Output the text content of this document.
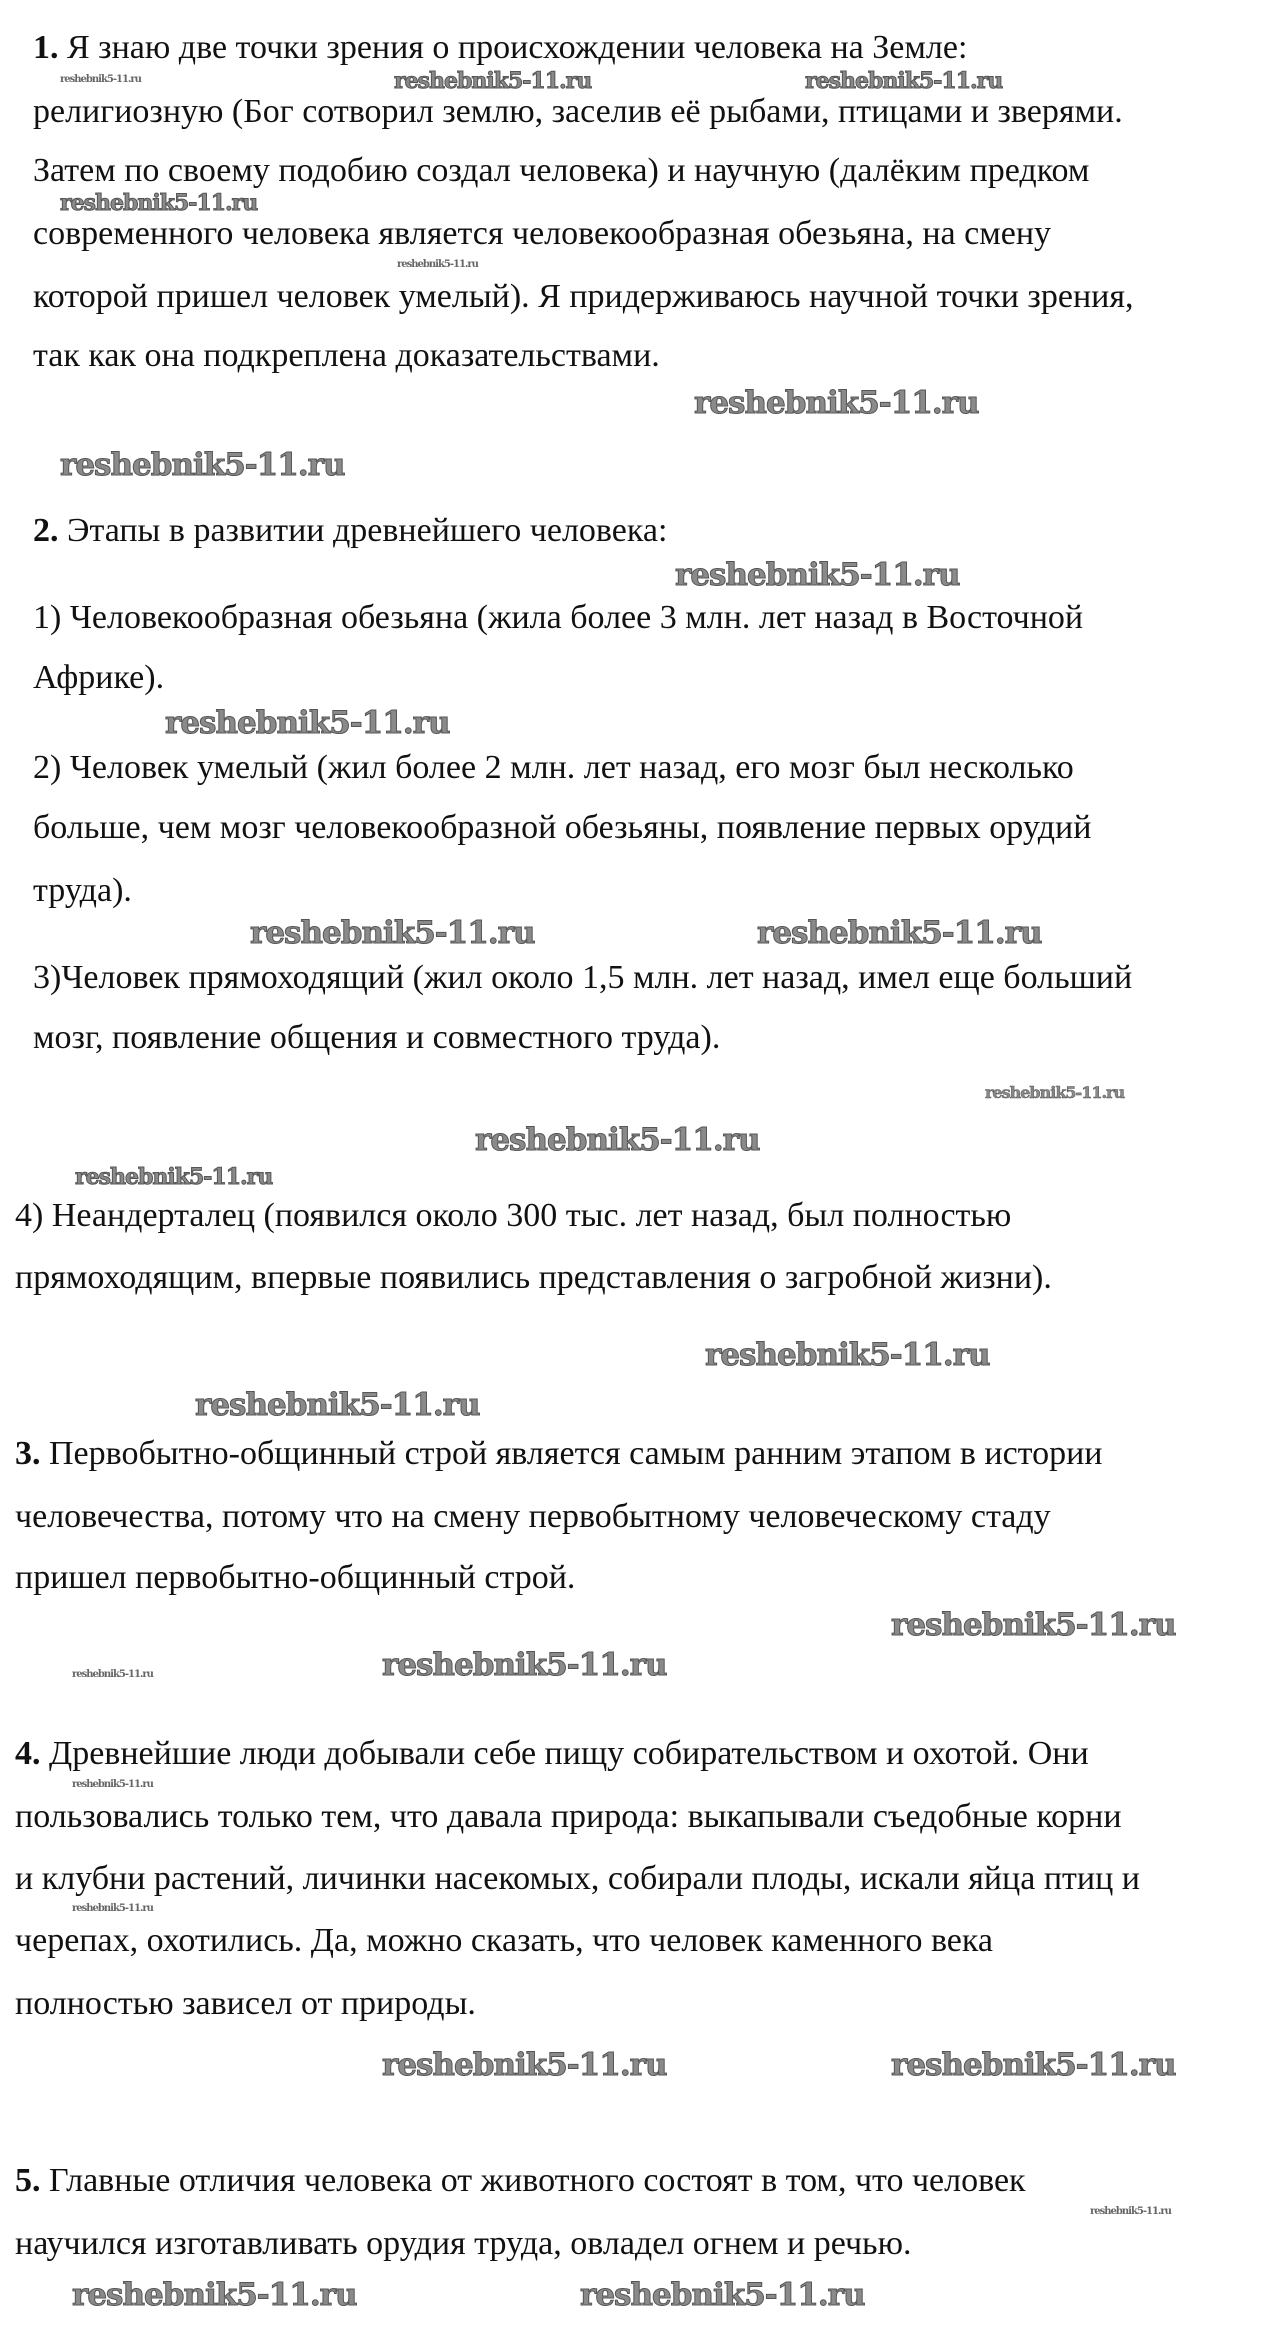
1. Я знаю две точки зрения о происхождении человека на Земле:
религиозную (Бог сотворил землю, заселив её рыбами, птицами и зверями.
Затем по своему подобию создал человека) и научную (далёким предком
современного человека является человекообразная обезьяна, на смену
которой пришел человек умелый). Я придерживаюсь научной точки зрения,
так как она подкреплена доказательствами.
2. Этапы в развитии древнейшего человека:
1) Человекообразная обезьяна (жила более 3 млн. лет назад в Восточной
Африке).
2) Человек умелый (жил более 2 млн. лет назад, его мозг был несколько
больше, чем мозг человекообразной обезьяны, появление первых орудий
труда).
3)Человек прямоходящий (жил около 1,5 млн. лет назад, имел еще больший
мозг, появление общения и совместного труда).
4) Неандерталец (появился около 300 тыс. лет назад, был полностью
прямоходящим, впервые появились представления о загробной жизни).
3. Первобытно-общинный строй является самым ранним этапом в истории
человечества, потому что на смену первобытному человеческому стаду
пришел первобытно-общинный строй.
4. Древнейшие люди добывали себе пищу собирательством и охотой. Они
пользовались только тем, что давала природа: выкапывали съедобные корни
и клубни растений, личинки насекомых, собирали плоды, искали яйца птиц и
черепах, охотились. Да, можно сказать, что человек каменного века
полностью зависел от природы.
5. Главные отличия человека от животного состоят в том, что человек
научился изготавливать орудия труда, овладел огнем и речью.
reshebnik5-11.ru	reshebnik5-11.ru	reshebnik5-11.ru
reshebnik5-11.ru
reshebnik5-11.ru
reshebnik5-11.ru
reshebnik5-11.ru
reshebnik5-11.ru
reshebnik5-11.ru
reshebnik5-11.ru
reshebnik5-11.ru
reshebnik5-11.ru
reshebnik5-11.ru
reshebnik5-11.ru
reshebnik5-11.ru
reshebnik5-11.ru
reshebnik5-11.ru
reshebnik5-11.ru	reshebnik5-11.ru
reshebnik5-11.ru
reshebnik5-11.ru
reshebnik5-11.ru	reshebnik5-11.ru
reshebnik5-11.ru
reshebnik5-11.ru	reshebnik5-11.ru
